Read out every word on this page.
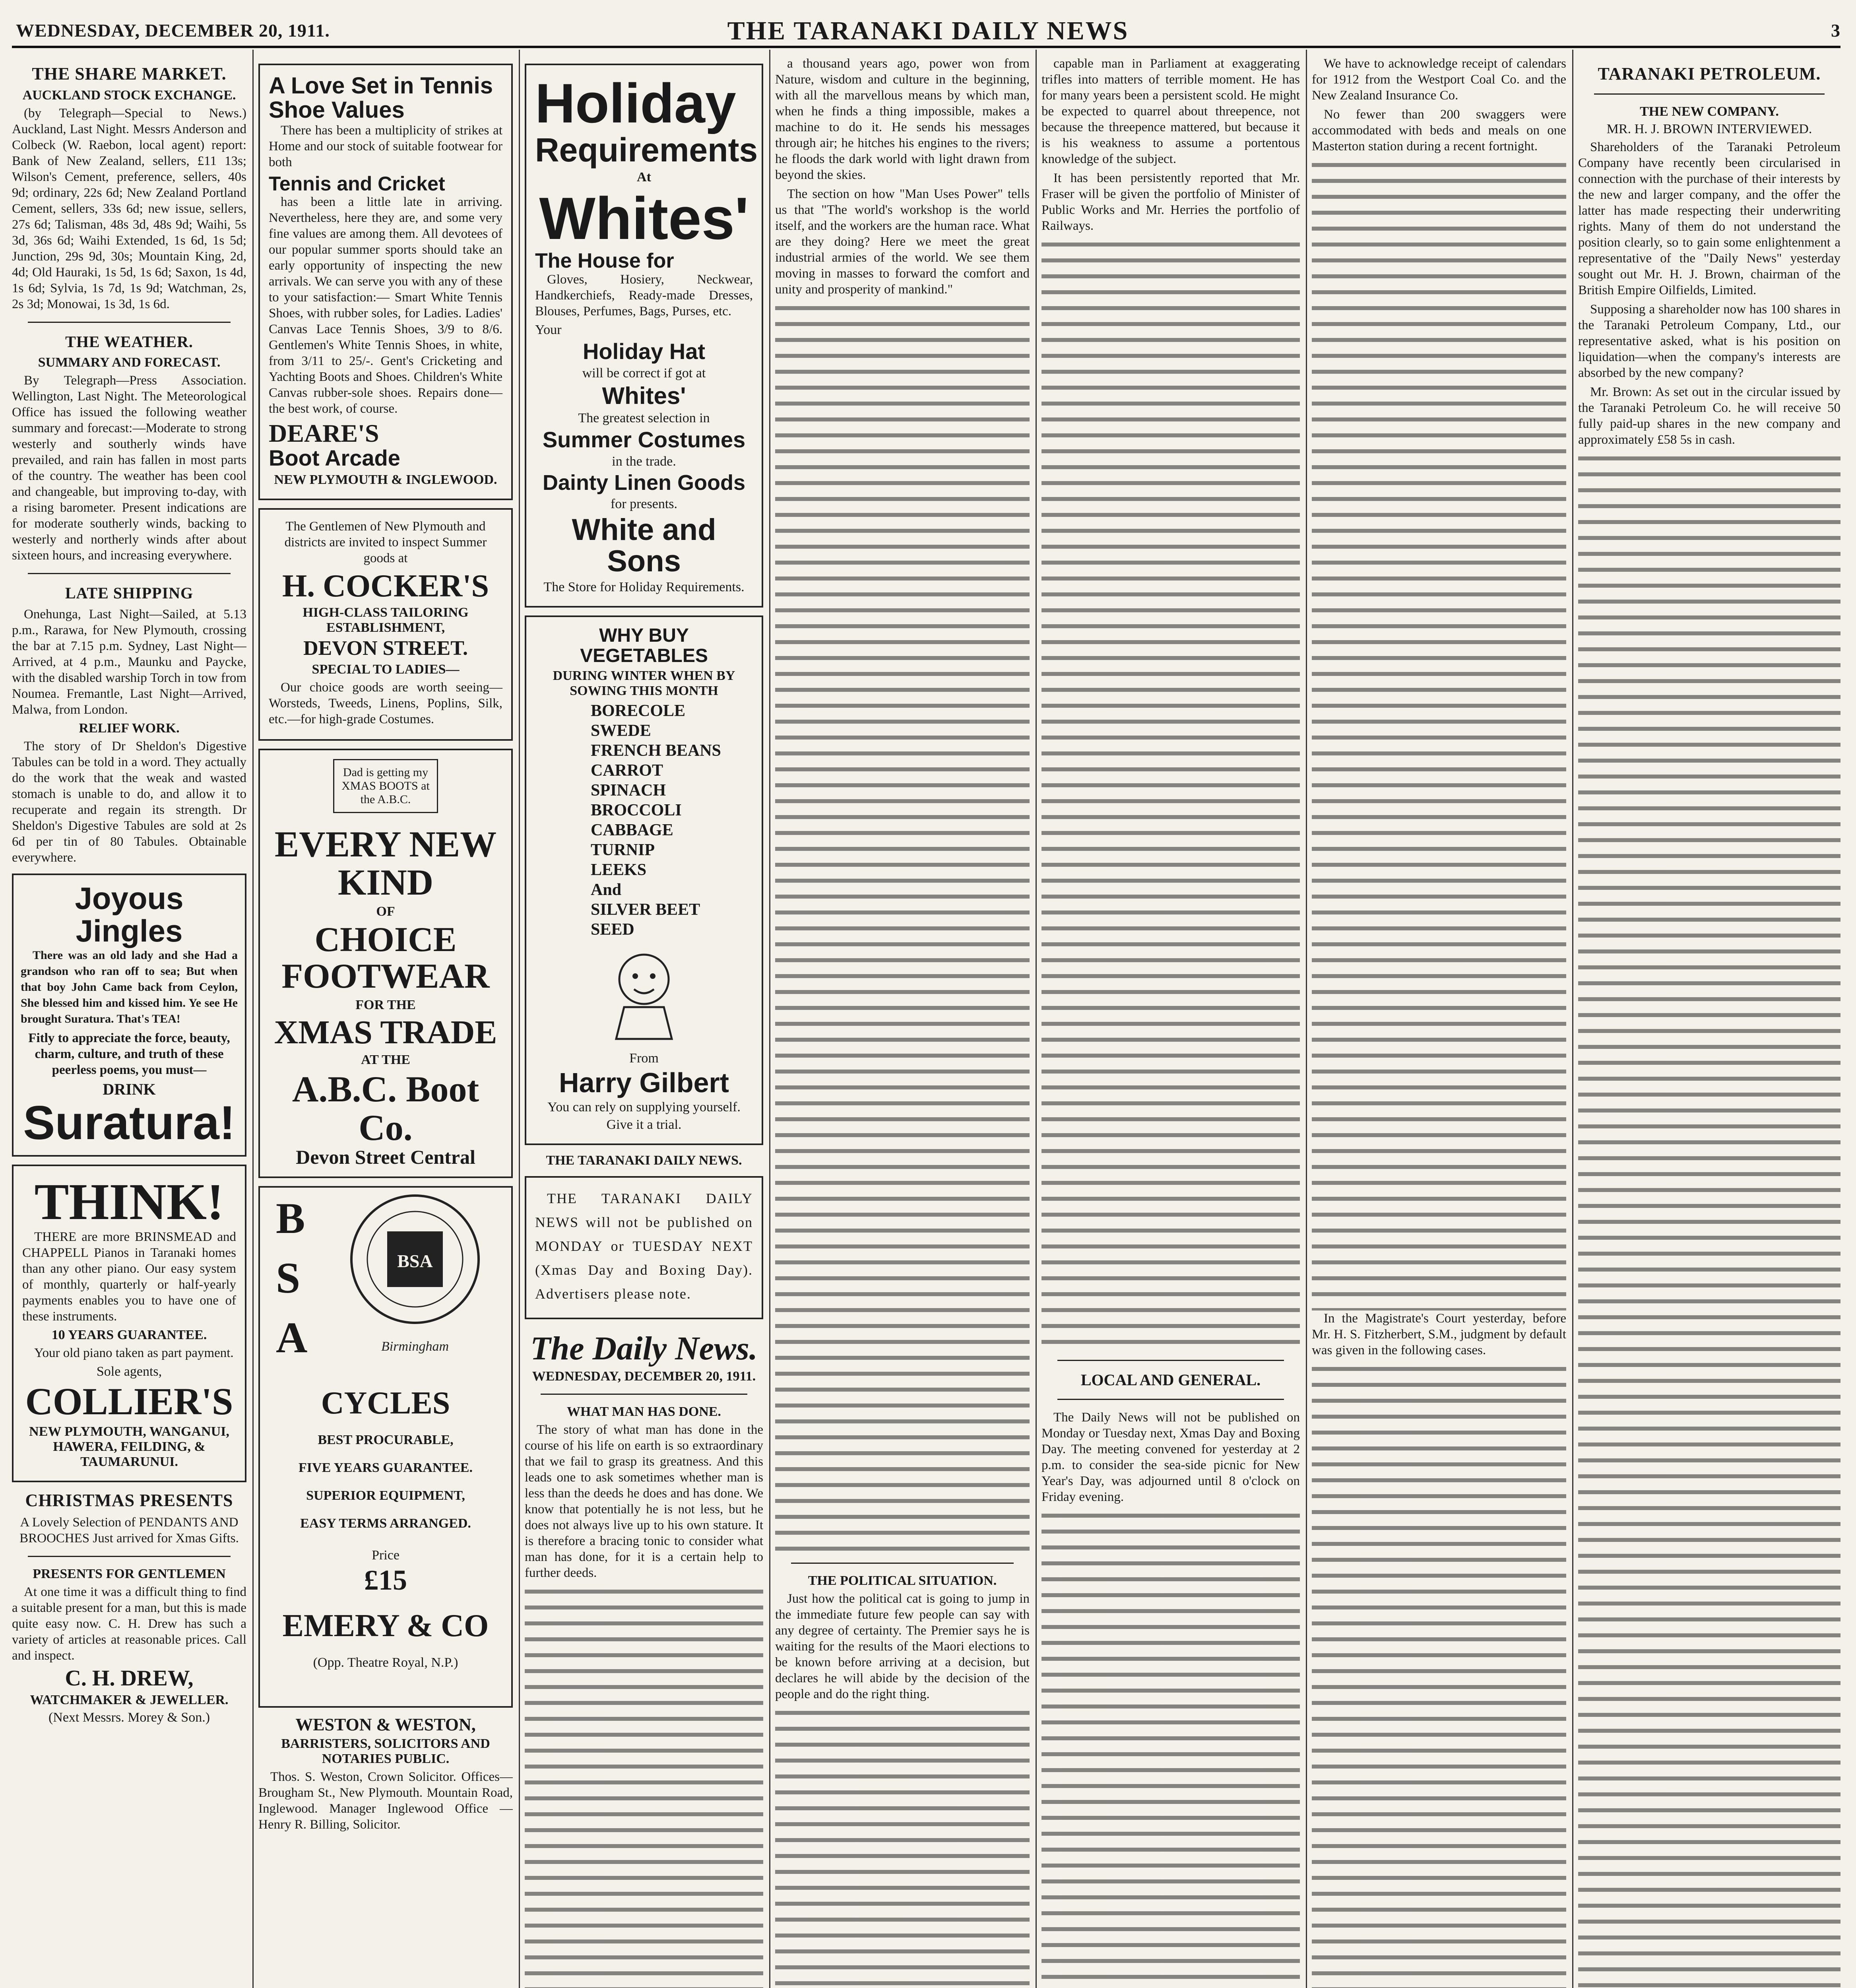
WEDNESDAY, DECEMBER 20, 1911.	THE TARANAKI DAILY NEWS	3
THE SHARE MARKET.
AUCKLAND STOCK EXCHANGE.

(by Telegraph—Special to News.) Auckland, Last Night. Messrs Anderson and Colbeck (W. Raebon, local agent) report: Bank of New Zealand, sellers, £11 13s; Wilson's Cement, preference, sellers, 40s 9d; ordinary, 22s 6d; New Zealand Portland Cement, sellers, 33s 6d; new issue, sellers, 27s 6d; Talisman, 48s 3d, 48s 9d; Waihi, 5s 3d, 36s 6d; Waihi Extended, 1s 6d, 1s 5d; Junction, 29s 9d, 30s; Mountain King, 2d, 4d; Old Hauraki, 1s 5d, 1s 6d; Saxon, 1s 4d, 1s 6d; Sylvia, 1s 7d, 1s 9d; Watchman, 2s, 2s 3d; Monowai, 1s 3d, 1s 6d.

THE WEATHER.
SUMMARY AND FORECAST.

By Telegraph—Press Association. Wellington, Last Night. The Meteorological Office has issued the following weather summary and forecast:—Moderate to strong westerly and southerly winds have prevailed, and rain has fallen in most parts of the country. The weather has been cool and changeable, but improving to-day, with a rising barometer. Present indications are for moderate southerly winds, backing to westerly and northerly winds after about sixteen hours, and increasing everywhere.

LATE SHIPPING

Onehunga, Last Night—Sailed, at 5.13 p.m., Rarawa, for New Plymouth, crossing the bar at 7.15 p.m. Sydney, Last Night—Arrived, at 4 p.m., Maunku and Paycke, with the disabled warship Torch in tow from Noumea. Fremantle, Last Night—Arrived, Malwa, from London.

RELIEF WORK.

The story of Dr Sheldon's Digestive Tabules can be told in a word. They actually do the work that the weak and wasted stomach is unable to do, and allow it to recuperate and regain its strength. Dr Sheldon's Digestive Tabules are sold at 2s 6d per tin of 80 Tabules. Obtainable everywhere.

Joyous Jingles

There was an old lady and she Had a grandson who ran off to sea; But when that boy John Came back from Ceylon, She blessed him and kissed him. Ye see He brought Suratura. That's TEA!

Fitly to appreciate the force, beauty, charm, culture, and truth of these peerless poems, you must—

DRINK
Suratura!
THINK!

THERE are more BRINSMEAD and CHAPPELL Pianos in Taranaki homes than any other piano. Our easy system of monthly, quarterly or half-yearly payments enables you to have one of these instruments.

10 YEARS GUARANTEE.

Your old piano taken as part payment.

Sole agents,
COLLIER'S
NEW PLYMOUTH, WANGANUI, HAWERA, FEILDING, & TAUMARUNUI.
CHRISTMAS PRESENTS

A Lovely Selection of PENDANTS AND BROOCHES Just arrived for Xmas Gifts.

PRESENTS FOR GENTLEMEN

At one time it was a difficult thing to find a suitable present for a man, but this is made quite easy now. C. H. Drew has such a variety of articles at reasonable prices. Call and inspect.

C. H. DREW,
WATCHMAKER & JEWELLER.
(Next Messrs. Morey & Son.)
A Love Set in Tennis Shoe Values

There has been a multiplicity of strikes at Home and our stock of suitable footwear for both

Tennis and Cricket

has been a little late in arriving. Nevertheless, here they are, and some very fine values are among them. All devotees of our popular summer sports should take an early opportunity of inspecting the new arrivals. We can serve you with any of these to your satisfaction:— Smart White Tennis Shoes, with rubber soles, for Ladies. Ladies' Canvas Lace Tennis Shoes, 3/9 to 8/6. Gentlemen's White Tennis Shoes, in white, from 3/11 to 25/-. Gent's Cricketing and Yachting Boots and Shoes. Children's White Canvas rubber-sole shoes. Repairs done—the best work, of course.

DEARE'S
Boot Arcade
NEW PLYMOUTH & INGLEWOOD.

The Gentlemen of New Plymouth and districts are invited to inspect Summer goods at

H. COCKER'S
HIGH-CLASS TAILORING ESTABLISHMENT,
DEVON STREET.
SPECIAL TO LADIES—

Our choice goods are worth seeing—Worsteds, Tweeds, Linens, Poplins, Silk, etc.—for high-grade Costumes.

Dad is getting my XMAS BOOTS at the A.B.C.
EVERY NEW KIND
OF
CHOICE FOOTWEAR
FOR THE
XMAS TRADE
AT THE
A.B.C. Boot Co.
Devon Street Central
B
S
A
BSA
Birmingham
CYCLES
BEST PROCURABLE,
FIVE YEARS GUARANTEE.
SUPERIOR EQUIPMENT,
EASY TERMS ARRANGED.
Price
£15
EMERY & CO
(Opp. Theatre Royal, N.P.)
WESTON & WESTON,
BARRISTERS, SOLICITORS AND NOTARIES PUBLIC.

Thos. S. Weston, Crown Solicitor. Offices—Brougham St., New Plymouth. Mountain Road, Inglewood. Manager Inglewood Office — Henry R. Billing, Solicitor.

Holiday
Requirements
At
Whites'
The House for

Gloves, Hosiery, Neckwear, Handkerchiefs, Ready-made Dresses, Blouses, Perfumes, Bags, Purses, etc.

Your
Holiday Hat
will be correct if got at
Whites'
The greatest selection in
Summer Costumes
in the trade.
Dainty Linen Goods
for presents.
White and Sons
The Store for Holiday Requirements.
WHY BUY VEGETABLES
DURING WINTER WHEN BY SOWING THIS MONTH
BORECOLE
SWEDE
FRENCH BEANS
CARROT
SPINACH
BROCCOLI
CABBAGE
TURNIP
LEEKS
And
SILVER BEET
SEED
From
Harry Gilbert
You can rely on supplying yourself.
Give it a trial.
THE TARANAKI DAILY NEWS.

THE TARANAKI DAILY NEWS will not be published on MONDAY or TUESDAY NEXT (Xmas Day and Boxing Day). Advertisers please note.

The Daily News.
WEDNESDAY, DECEMBER 20, 1911.
WHAT MAN HAS DONE.

The story of what man has done in the course of his life on earth is so extraordinary that we fail to grasp its greatness. And this leads one to ask sometimes whether man is less than the deeds he does and has done. We know that potentially he is not less, but he does not always live up to his own stature. It is therefore a bracing tonic to consider what man has done, for it is a certain help to further deeds.

a thousand years ago, power won from Nature, wisdom and culture in the beginning, with all the marvellous means by which man, when he finds a thing impossible, makes a machine to do it. He sends his messages through air; he hitches his engines to the rivers; he floods the dark world with light drawn from beyond the skies.

The section on how "Man Uses Power" tells us that "The world's workshop is the world itself, and the workers are the human race. What are they doing? Here we meet the great industrial armies of the world. We see them moving in masses to forward the comfort and unity and prosperity of mankind."

THE POLITICAL SITUATION.

Just how the political cat is going to jump in the immediate future few people can say with any degree of certainty. The Premier says he is waiting for the results of the Maori elections to be known before arriving at a decision, but declares he will abide by the decision of the people and do the right thing.

capable man in Parliament at exaggerating trifles into matters of terrible moment. He has for many years been a persistent scold. He might be expected to quarrel about threepence, not because the threepence mattered, but because it is his weakness to assume a portentous knowledge of the subject.

It has been persistently reported that Mr. Fraser will be given the portfolio of Minister of Public Works and Mr. Herries the portfolio of Railways.

LOCAL AND GENERAL.

The Daily News will not be published on Monday or Tuesday next, Xmas Day and Boxing Day. The meeting convened for yesterday at 2 p.m. to consider the sea-side picnic for New Year's Day, was adjourned until 8 o'clock on Friday evening.

We have to acknowledge receipt of calendars for 1912 from the Westport Coal Co. and the New Zealand Insurance Co.

No fewer than 200 swaggers were accommodated with beds and meals on one Masterton station during a recent fortnight.

In the Magistrate's Court yesterday, before Mr. H. S. Fitzherbert, S.M., judgment by default was given in the following cases.

TARANAKI PETROLEUM.
THE NEW COMPANY.
MR. H. J. BROWN INTERVIEWED.

Shareholders of the Taranaki Petroleum Company have recently been circularised in connection with the purchase of their interests by the new and larger company, and the offer the latter has made respecting their underwriting rights. Many of them do not understand the position clearly, so to gain some enlightenment a representative of the "Daily News" yesterday sought out Mr. H. J. Brown, chairman of the British Empire Oilfields, Limited.

Supposing a shareholder now has 100 shares in the Taranaki Petroleum Company, Ltd., our representative asked, what is his position on liquidation—when the company's interests are absorbed by the new company?

Mr. Brown: As set out in the circular issued by the Taranaki Petroleum Co. he will receive 50 fully paid-up shares in the new company and approximately £58 5s in cash.
